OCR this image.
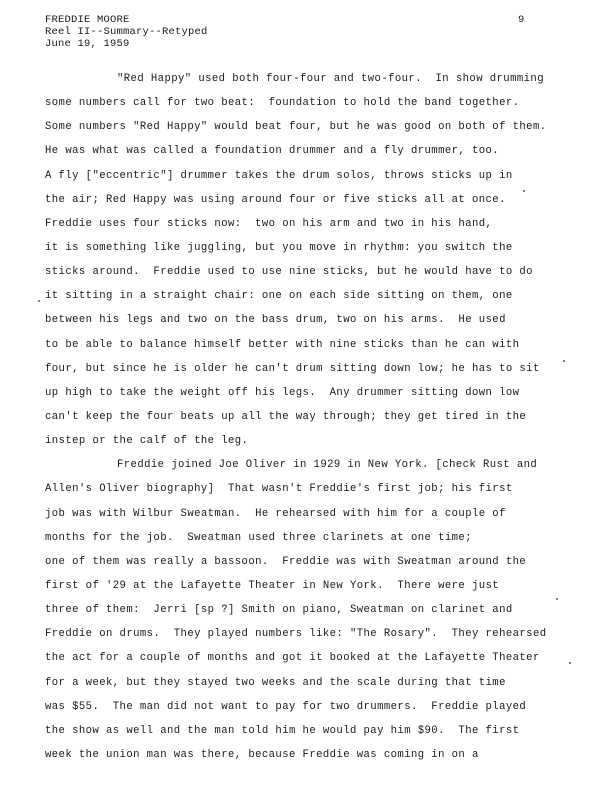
FREDDIE MOORE
Reel II--Summary--Retyped
June 19, 1959
9
"Red Happy" used both four-four and two-four.  In show drumming
some numbers call for two beat:  foundation to hold the band together.
Some numbers "Red Happy" would beat four, but he was good on both of them.
He was what was called a foundation drummer and a fly drummer, too.
A fly ["eccentric"] drummer takes the drum solos, throws sticks up in
the air; Red Happy was using around four or five sticks all at once.
Freddie uses four sticks now:  two on his arm and two in his hand,
it is something like juggling, but you move in rhythm: you switch the
sticks around.  Freddie used to use nine sticks, but he would have to do
it sitting in a straight chair: one on each side sitting on them, one
between his legs and two on the bass drum, two on his arms.  He used
to be able to balance himself better with nine sticks than he can with
four, but since he is older he can't drum sitting down low; he has to sit
up high to take the weight off his legs.  Any drummer sitting down low
can't keep the four beats up all the way through; they get tired in the
instep or the calf of the leg.
Freddie joined Joe Oliver in 1929 in New York. [check Rust and
Allen's Oliver biography]  That wasn't Freddie's first job; his first
job was with Wilbur Sweatman.  He rehearsed with him for a couple of
months for the job.  Sweatman used three clarinets at one time;
one of them was really a bassoon.  Freddie was with Sweatman around the
first of '29 at the Lafayette Theater in New York.  There were just
three of them:  Jerri [sp ?] Smith on piano, Sweatman on clarinet and
Freddie on drums.  They played numbers like: "The Rosary".  They rehearsed
the act for a couple of months and got it booked at the Lafayette Theater
for a week, but they stayed two weeks and the scale during that time
was $55.  The man did not want to pay for two drummers.  Freddie played
the show as well and the man told him he would pay him $90.  The first
week the union man was there, because Freddie was coming in on a
